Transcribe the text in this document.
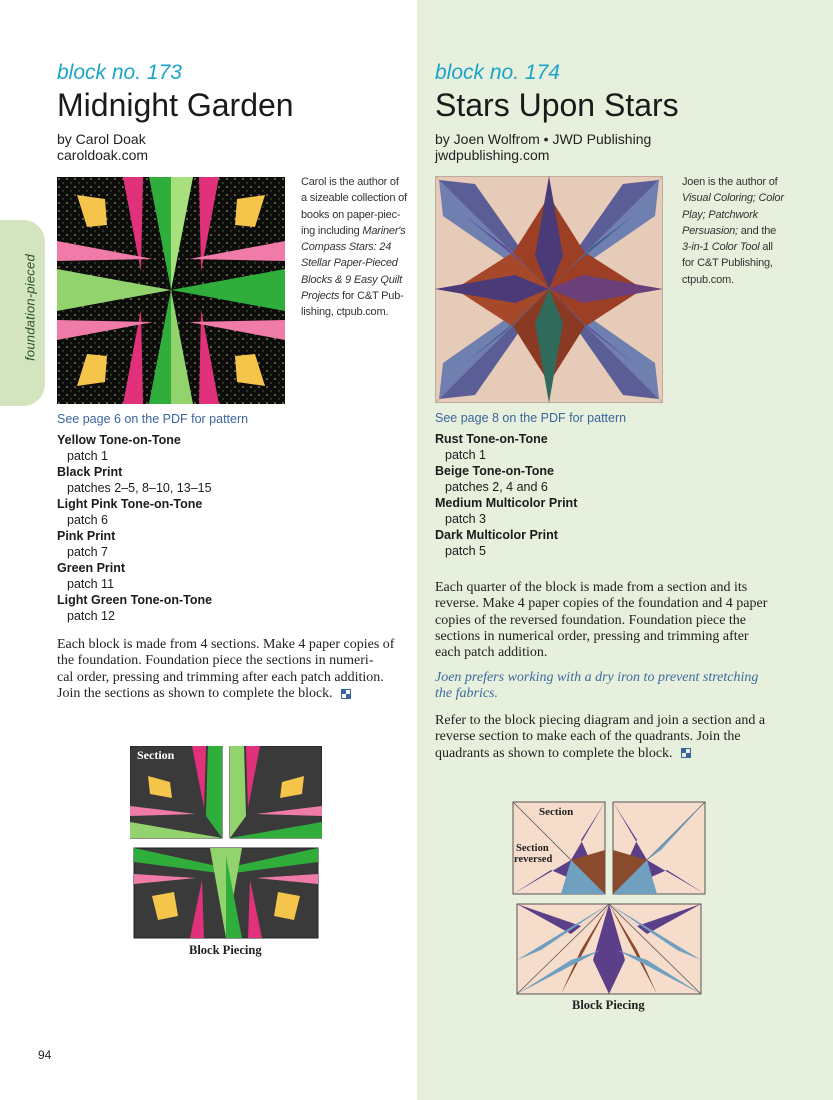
foundation-pieced
block no. 173
Midnight Garden
by Carol Doak
caroldoak.com
Carol is the author of
a sizeable collection of
books on paper-piec-
ing including Mariner's
Compass Stars: 24
Stellar Paper-Pieced
Blocks & 9 Easy Quilt
Projects for C&T Pub-
lishing, ctpub.com.
See page 6 on the PDF for pattern
Yellow Tone-on-Tone
patch 1
Black Print
patches 2–5, 8–10, 13–15
Light Pink Tone-on-Tone
patch 6
Pink Print
patch 7
Green Print
patch 11
Light Green Tone-on-Tone
patch 12
Each block is made from 4 sections. Make 4 paper copies of
the foundation. Foundation piece the sections in numeri-
cal order, pressing and trimming after each patch addition.
Join the sections as shown to complete the block.
Section
Block Piecing
94
block no. 174
Stars Upon Stars
by Joen Wolfrom • JWD Publishing
jwdpublishing.com
Joen is the author of
Visual Coloring; Color
Play; Patchwork
Persuasion; and the
3-in-1 Color Tool all
for C&T Publishing,
ctpub.com.
See page 8 on the PDF for pattern
Rust Tone-on-Tone
patch 1
Beige Tone-on-Tone
patches 2, 4 and 6
Medium Multicolor Print
patch 3
Dark Multicolor Print
patch 5
Each quarter of the block is made from a section and its
reverse. Make 4 paper copies of the foundation and 4 paper
copies of the reversed foundation. Foundation piece the
sections in numerical order, pressing and trimming after
each patch addition.
Joen prefers working with a dry iron to prevent stretching
the fabrics.
Refer to the block piecing diagram and join a section and a
reverse section to make each of the quadrants. Join the
quadrants as shown to complete the block.
Section
Section
reversed
Block Piecing
